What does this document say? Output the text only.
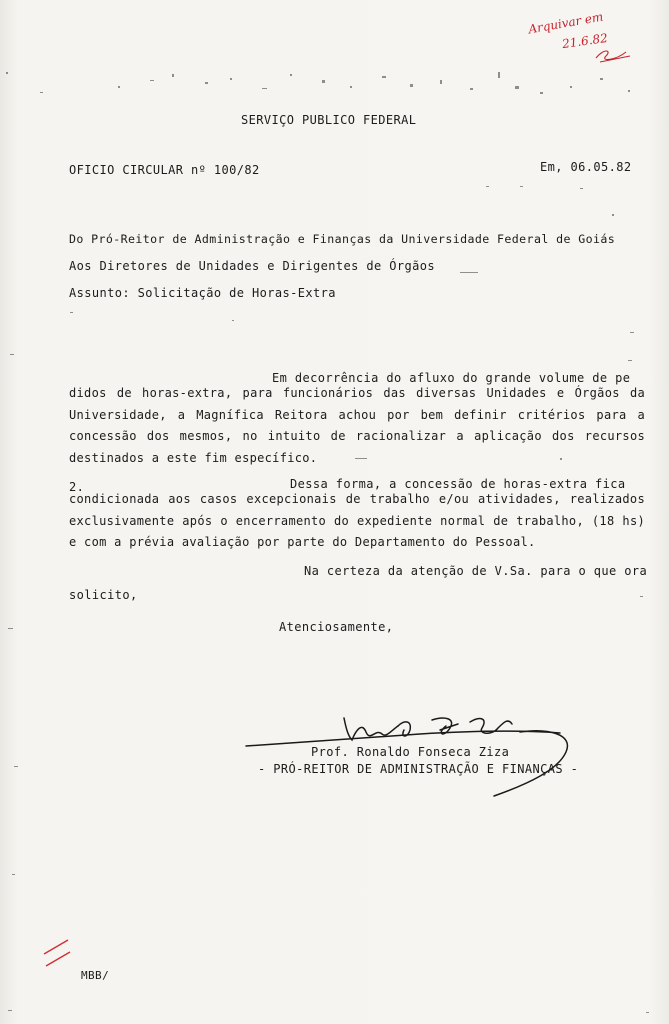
Arquivar em
21.6.82
SERVIÇO PUBLICO FEDERAL
OFICIO CIRCULAR nº 100/82	Em, 06.05.82
Do Pró-Reitor de Administração e Finanças da Universidade Federal de Goiás
Aos Diretores de Unidades e Dirigentes de Órgãos
Assunto: Solicitação de Horas-Extra
Em decorrência do afluxo do grande volume de pe
didos de horas-extra, para funcionários das diversas Unidades e Órgãos da Universidade, a Magnífica Reitora achou por bem definir critérios para a concessão dos mesmos, no intuito de racionalizar a aplicação dos recursos destinados a este fim específico.
2.	Dessa forma, a concessão de horas-extra fica
condicionada aos casos excepcionais de trabalho e/ou atividades, realizados exclusivamente após o encerramento do expediente normal de trabalho, (18 hs) e com a prévia avaliação por parte do Departamento do Pessoal.
Na certeza da atenção de V.Sa. para o que ora
solicito,
Atenciosamente,
Prof. Ronaldo Fonseca Ziza
- PRÓ-REITOR DE ADMINISTRAÇÃO E FINANÇAS -
MBB/
